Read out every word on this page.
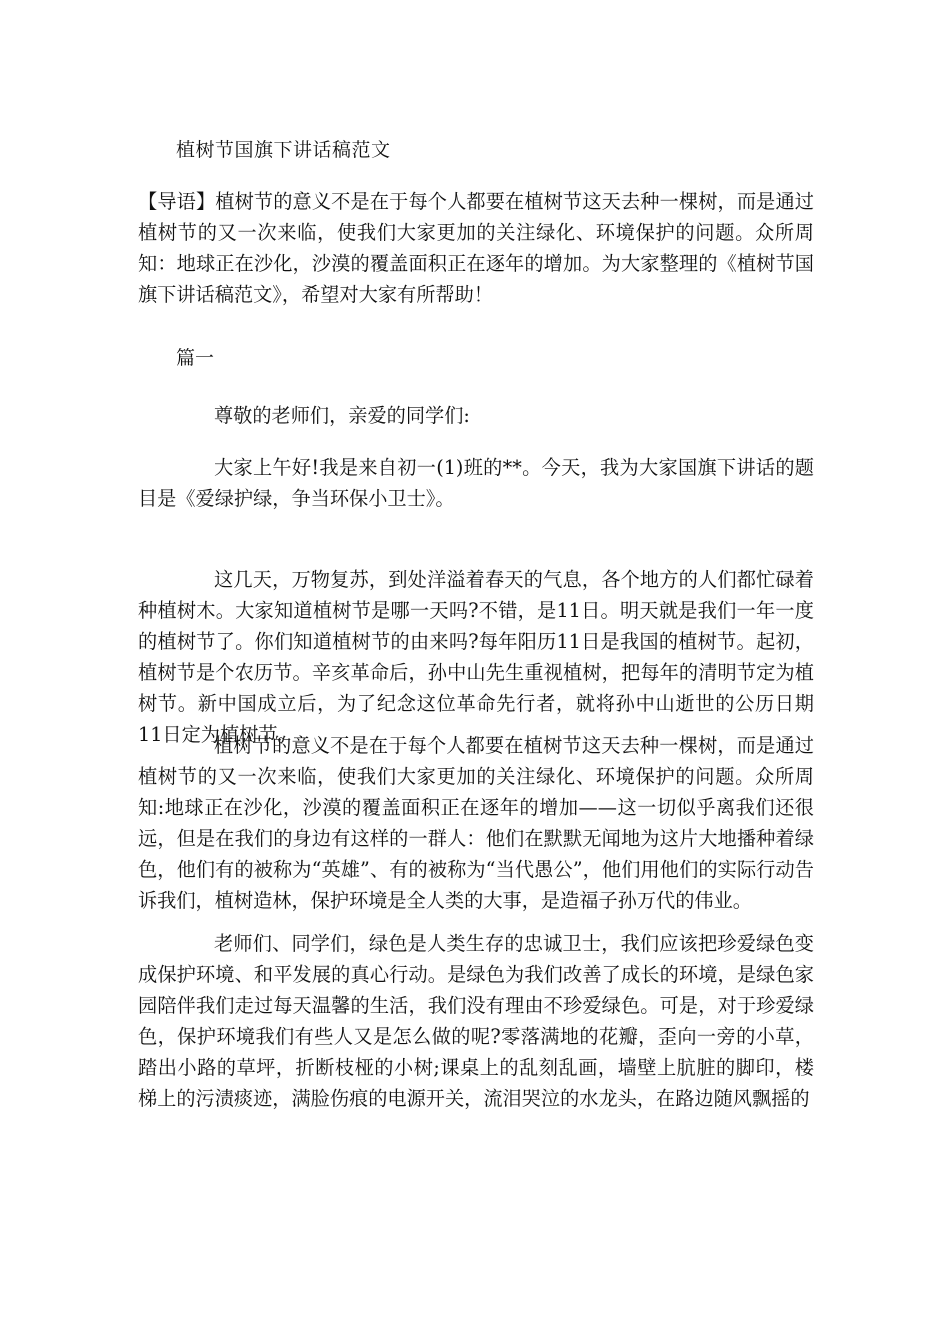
植树节国旗下讲话稿范文

【导语】植树节的意义不是在于每个人都要在植树节这天去种一棵树，而是通过植树节的又一次来临，使我们大家更加的关注绿化、环境保护的问题。众所周知：地球正在沙化，沙漠的覆盖面积正在逐年的增加。为大家整理的《植树节国旗下讲话稿范文》，希望对大家有所帮助！

篇一

尊敬的老师们，亲爱的同学们:

大家上午好!我是来自初一(1)班的**。今天，我为大家国旗下讲话的题目是《爱绿护绿，争当环保小卫士》。

这几天，万物复苏，到处洋溢着春天的气息，各个地方的人们都忙碌着种植树木。大家知道植树节是哪一天吗?不错，是11日。明天就是我们一年一度的植树节了。你们知道植树节的由来吗?每年阳历11日是我国的植树节。起初，植树节是个农历节。辛亥革命后，孙中山先生重视植树，把每年的清明节定为植树节。新中国成立后，为了纪念这位革命先行者，就将孙中山逝世的公历日期11日定为植树节。

植树节的意义不是在于每个人都要在植树节这天去种一棵树，而是通过植树节的又一次来临，使我们大家更加的关注绿化、环境保护的问题。众所周知:地球正在沙化，沙漠的覆盖面积正在逐年的增加——这一切似乎离我们还很远，但是在我们的身边有这样的一群人：他们在默默无闻地为这片大地播种着绿色，他们有的被称为“英雄”、有的被称为“当代愚公”，他们用他们的实际行动告诉我们，植树造林，保护环境是全人类的大事，是造福子孙万代的伟业。

老师们、同学们，绿色是人类生存的忠诚卫士，我们应该把珍爱绿色变成保护环境、和平发展的真心行动。是绿色为我们改善了成长的环境，是绿色家园陪伴我们走过每天温馨的生活，我们没有理由不珍爱绿色。可是，对于珍爱绿色，保护环境我们有些人又是怎么做的呢?零落满地的花瓣，歪向一旁的小草，踏出小路的草坪，折断枝桠的小树;课桌上的乱刻乱画，墙壁上肮脏的脚印，楼梯上的污渍痰迹，满脸伤痕的电源开关，流泪哭泣的水龙头，在路边随风飘摇的
